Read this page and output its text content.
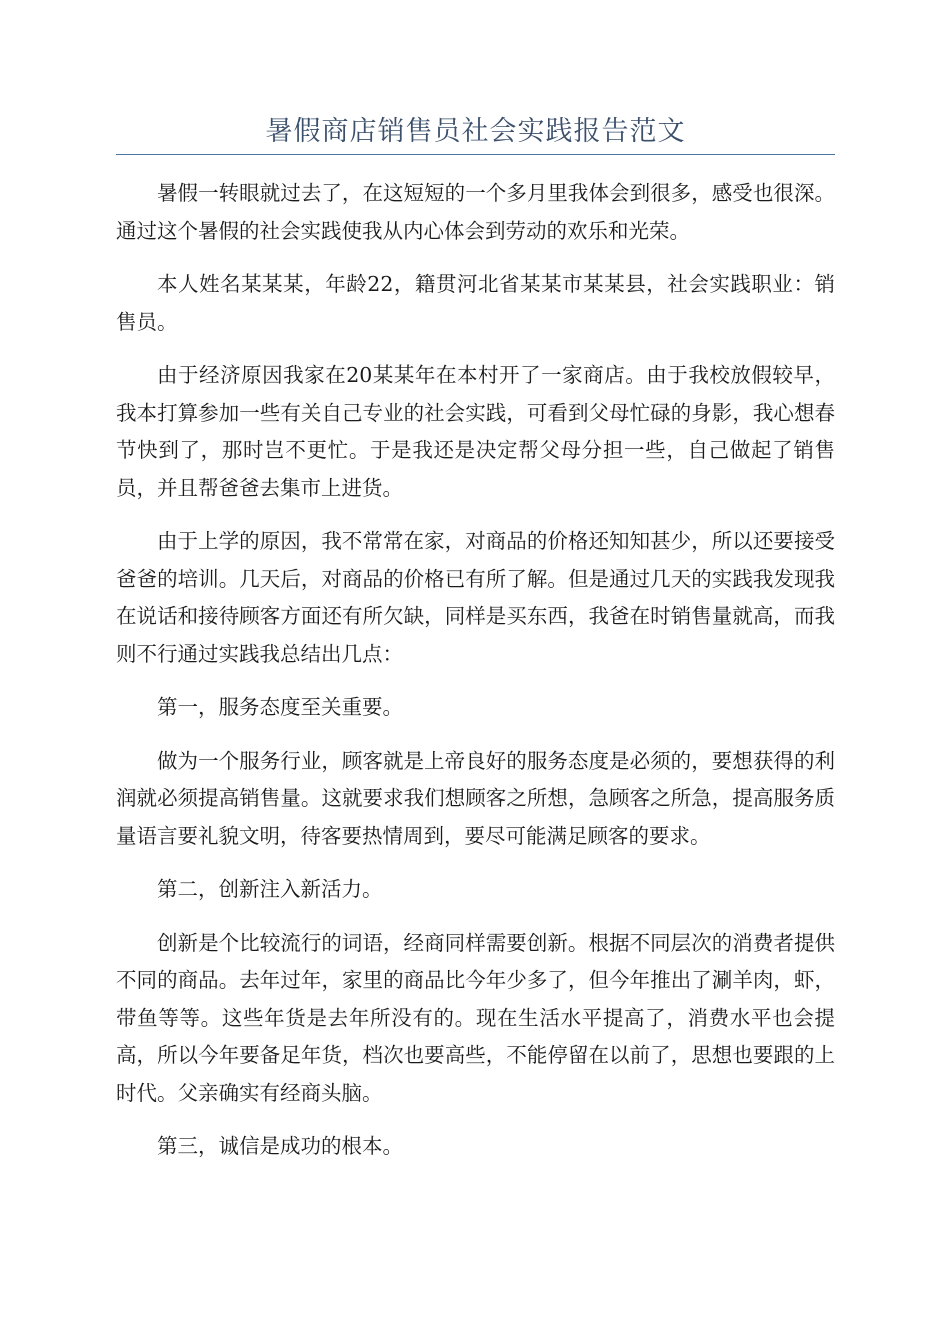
暑假商店销售员社会实践报告范文

暑假一转眼就过去了，在这短短的一个多月里我体会到很多，感受也很深。通过这个暑假的社会实践使我从内心体会到劳动的欢乐和光荣。

本人姓名某某某，年龄22，籍贯河北省某某市某某县，社会实践职业：销售员。

由于经济原因我家在20某某年在本村开了一家商店。由于我校放假较早，我本打算参加一些有关自己专业的社会实践，可看到父母忙碌的身影，我心想春节快到了，那时岂不更忙。于是我还是决定帮父母分担一些，自己做起了销售员，并且帮爸爸去集市上进货。

由于上学的原因，我不常常在家，对商品的价格还知知甚少，所以还要接受爸爸的培训。几天后，对商品的价格已有所了解。但是通过几天的实践我发现我在说话和接待顾客方面还有所欠缺，同样是买东西，我爸在时销售量就高，而我则不行通过实践我总结出几点：

第一，服务态度至关重要。

做为一个服务行业，顾客就是上帝良好的服务态度是必须的，要想获得的利润就必须提高销售量。这就要求我们想顾客之所想，急顾客之所急，提高服务质量语言要礼貌文明，待客要热情周到，要尽可能满足顾客的要求。

第二，创新注入新活力。

创新是个比较流行的词语，经商同样需要创新。根据不同层次的消费者提供不同的商品。去年过年，家里的商品比今年少多了，但今年推出了涮羊肉，虾，带鱼等等。这些年货是去年所没有的。现在生活水平提高了，消费水平也会提高，所以今年要备足年货，档次也要高些，不能停留在以前了，思想也要跟的上时代。父亲确实有经商头脑。

第三，诚信是成功的根本。
